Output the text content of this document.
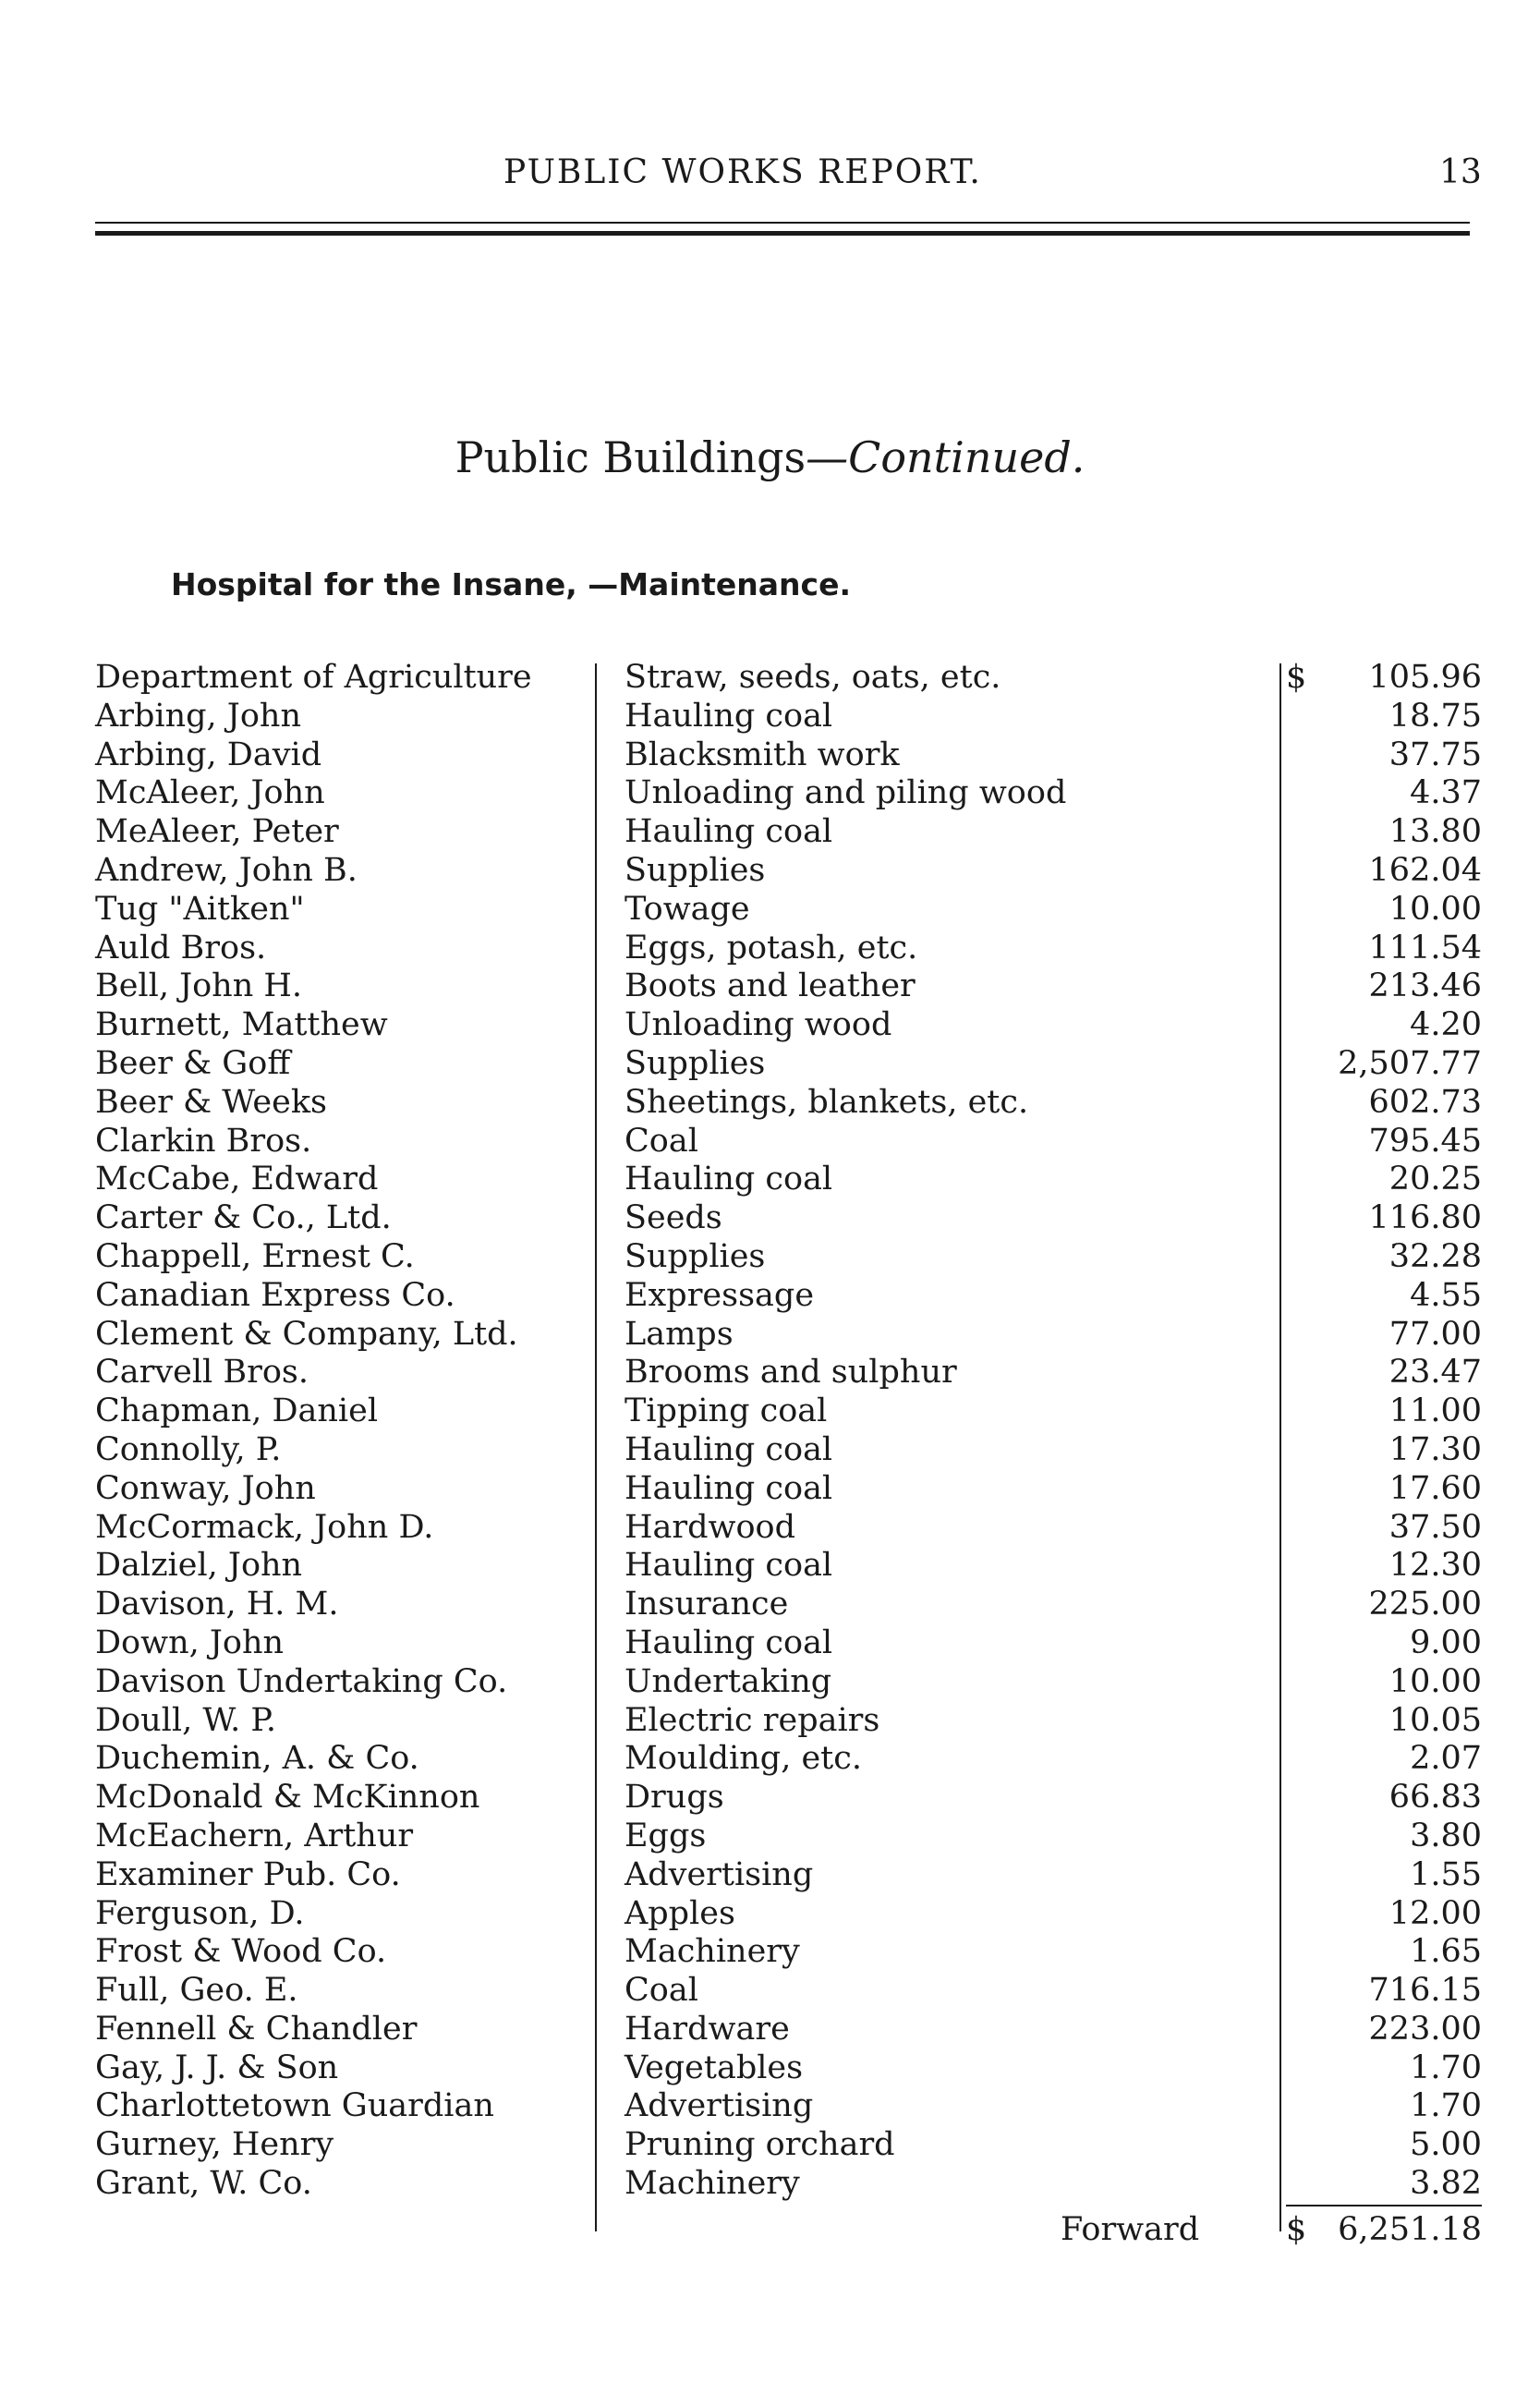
PUBLIC WORKS REPORT.	13
Public Buildings—Continued.
Hospital for the Insane, —Maintenance.
$
Department of Agriculture	Straw, seeds, oats, etc.	105.96
Arbing, John	Hauling coal	18.75
Arbing, David	Blacksmith work	37.75
McAleer, John	Unloading and piling wood	4.37
MeAleer, Peter	Hauling coal	13.80
Andrew, John B.	Supplies	162.04
Tug "Aitken"	Towage	10.00
Auld Bros.	Eggs, potash, etc.	111.54
Bell, John H.	Boots and leather	213.46
Burnett, Matthew	Unloading wood	4.20
Beer & Goff	Supplies	2,507.77
Beer & Weeks	Sheetings, blankets, etc.	602.73
Clarkin Bros.	Coal	795.45
McCabe, Edward	Hauling coal	20.25
Carter & Co., Ltd.	Seeds	116.80
Chappell, Ernest C.	Supplies	32.28
Canadian Express Co.	Expressage	4.55
Clement & Company, Ltd.	Lamps	77.00
Carvell Bros.	Brooms and sulphur	23.47
Chapman, Daniel	Tipping coal	11.00
Connolly, P.	Hauling coal	17.30
Conway, John	Hauling coal	17.60
McCormack, John D.	Hardwood	37.50
Dalziel, John	Hauling coal	12.30
Davison, H. M.	Insurance	225.00
Down, John	Hauling coal	9.00
Davison Undertaking Co.	Undertaking	10.00
Doull, W. P.	Electric repairs	10.05
Duchemin, A. & Co.	Moulding, etc.	2.07
McDonald & McKinnon	Drugs	66.83
McEachern, Arthur	Eggs	3.80
Examiner Pub. Co.	Advertising	1.55
Ferguson, D.	Apples	12.00
Frost & Wood Co.	Machinery	1.65
Full, Geo. E.	Coal	716.15
Fennell & Chandler	Hardware	223.00
Gay, J. J. & Son	Vegetables	1.70
Charlottetown Guardian	Advertising	1.70
Gurney, Henry	Pruning orchard	5.00
Grant, W. Co.	Machinery	3.82
Forward	$ 6,251.18
